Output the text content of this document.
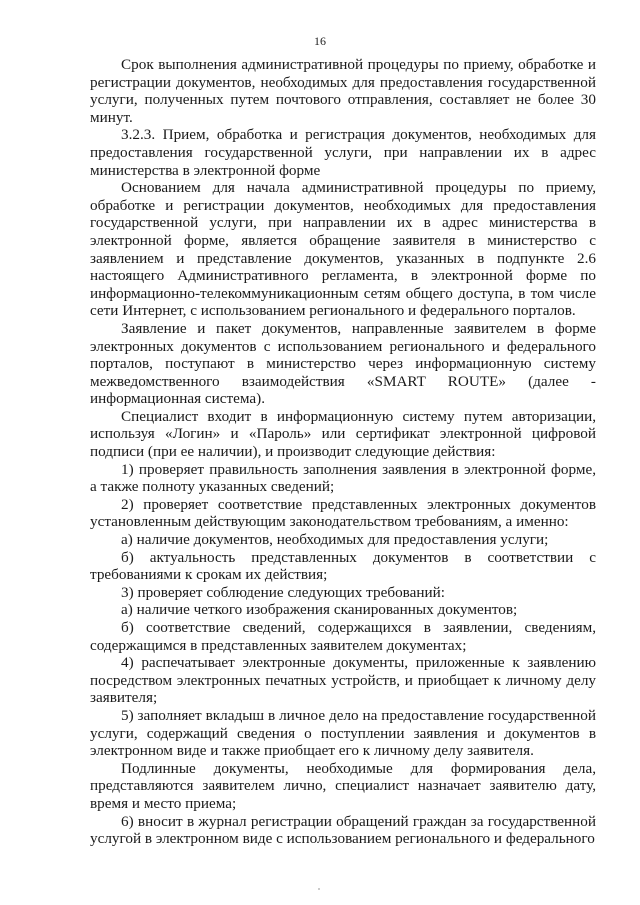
16

Срок выполнения административной процедуры по приему, обработке и регистрации документов, необходимых для предоставления государственной услуги, полученных путем почтового отправления, составляет не более 30 минут.

3.2.3. Прием, обработка и регистрация документов, необходимых для предоставления государственной услуги, при направлении их в адрес министерства в электронной форме

Основанием для начала административной процедуры по приему, обработке и регистрации документов, необходимых для предоставления государственной услуги, при направлении их в адрес министерства в электронной форме, является обращение заявителя в министерство с заявлением и представление документов, указанных в подпункте 2.6 настоящего Административного регламента, в электронной форме по информационно-телекоммуникационным сетям общего доступа, в том числе сети Интернет, с использованием регионального и федерального порталов.

Заявление и пакет документов, направленные заявителем в форме электронных документов с использованием регионального и федерального порталов, поступают в министерство через информационную систему межведомственного взаимодействия «SMART ROUTE» (далее - информационная система).

Специалист входит в информационную систему путем авторизации, используя «Логин» и «Пароль» или сертификат электронной цифровой подписи (при ее наличии), и производит следующие действия:

1) проверяет правильность заполнения заявления в электронной форме, а также полноту указанных сведений;

2) проверяет соответствие представленных электронных документов установленным действующим законодательством требованиям, а именно:

а) наличие документов, необходимых для предоставления услуги;

б) актуальность представленных документов в соответствии с требованиями к срокам их действия;

3) проверяет соблюдение следующих требований:

а) наличие четкого изображения сканированных документов;

б) соответствие сведений, содержащихся в заявлении, сведениям, содержащимся в представленных заявителем документах;

4) распечатывает электронные документы, приложенные к заявлению посредством электронных печатных устройств, и приобщает к личному делу заявителя;

5) заполняет вкладыш в личное дело на предоставление государственной услуги, содержащий сведения о поступлении заявления и документов в электронном виде и также приобщает его к личному делу заявителя.

Подлинные документы, необходимые для формирования дела, представляются заявителем лично, специалист назначает заявителю дату, время и место приема;

6) вносит в журнал регистрации обращений граждан за государственной услугой в электронном виде с использованием регионального и федерального
